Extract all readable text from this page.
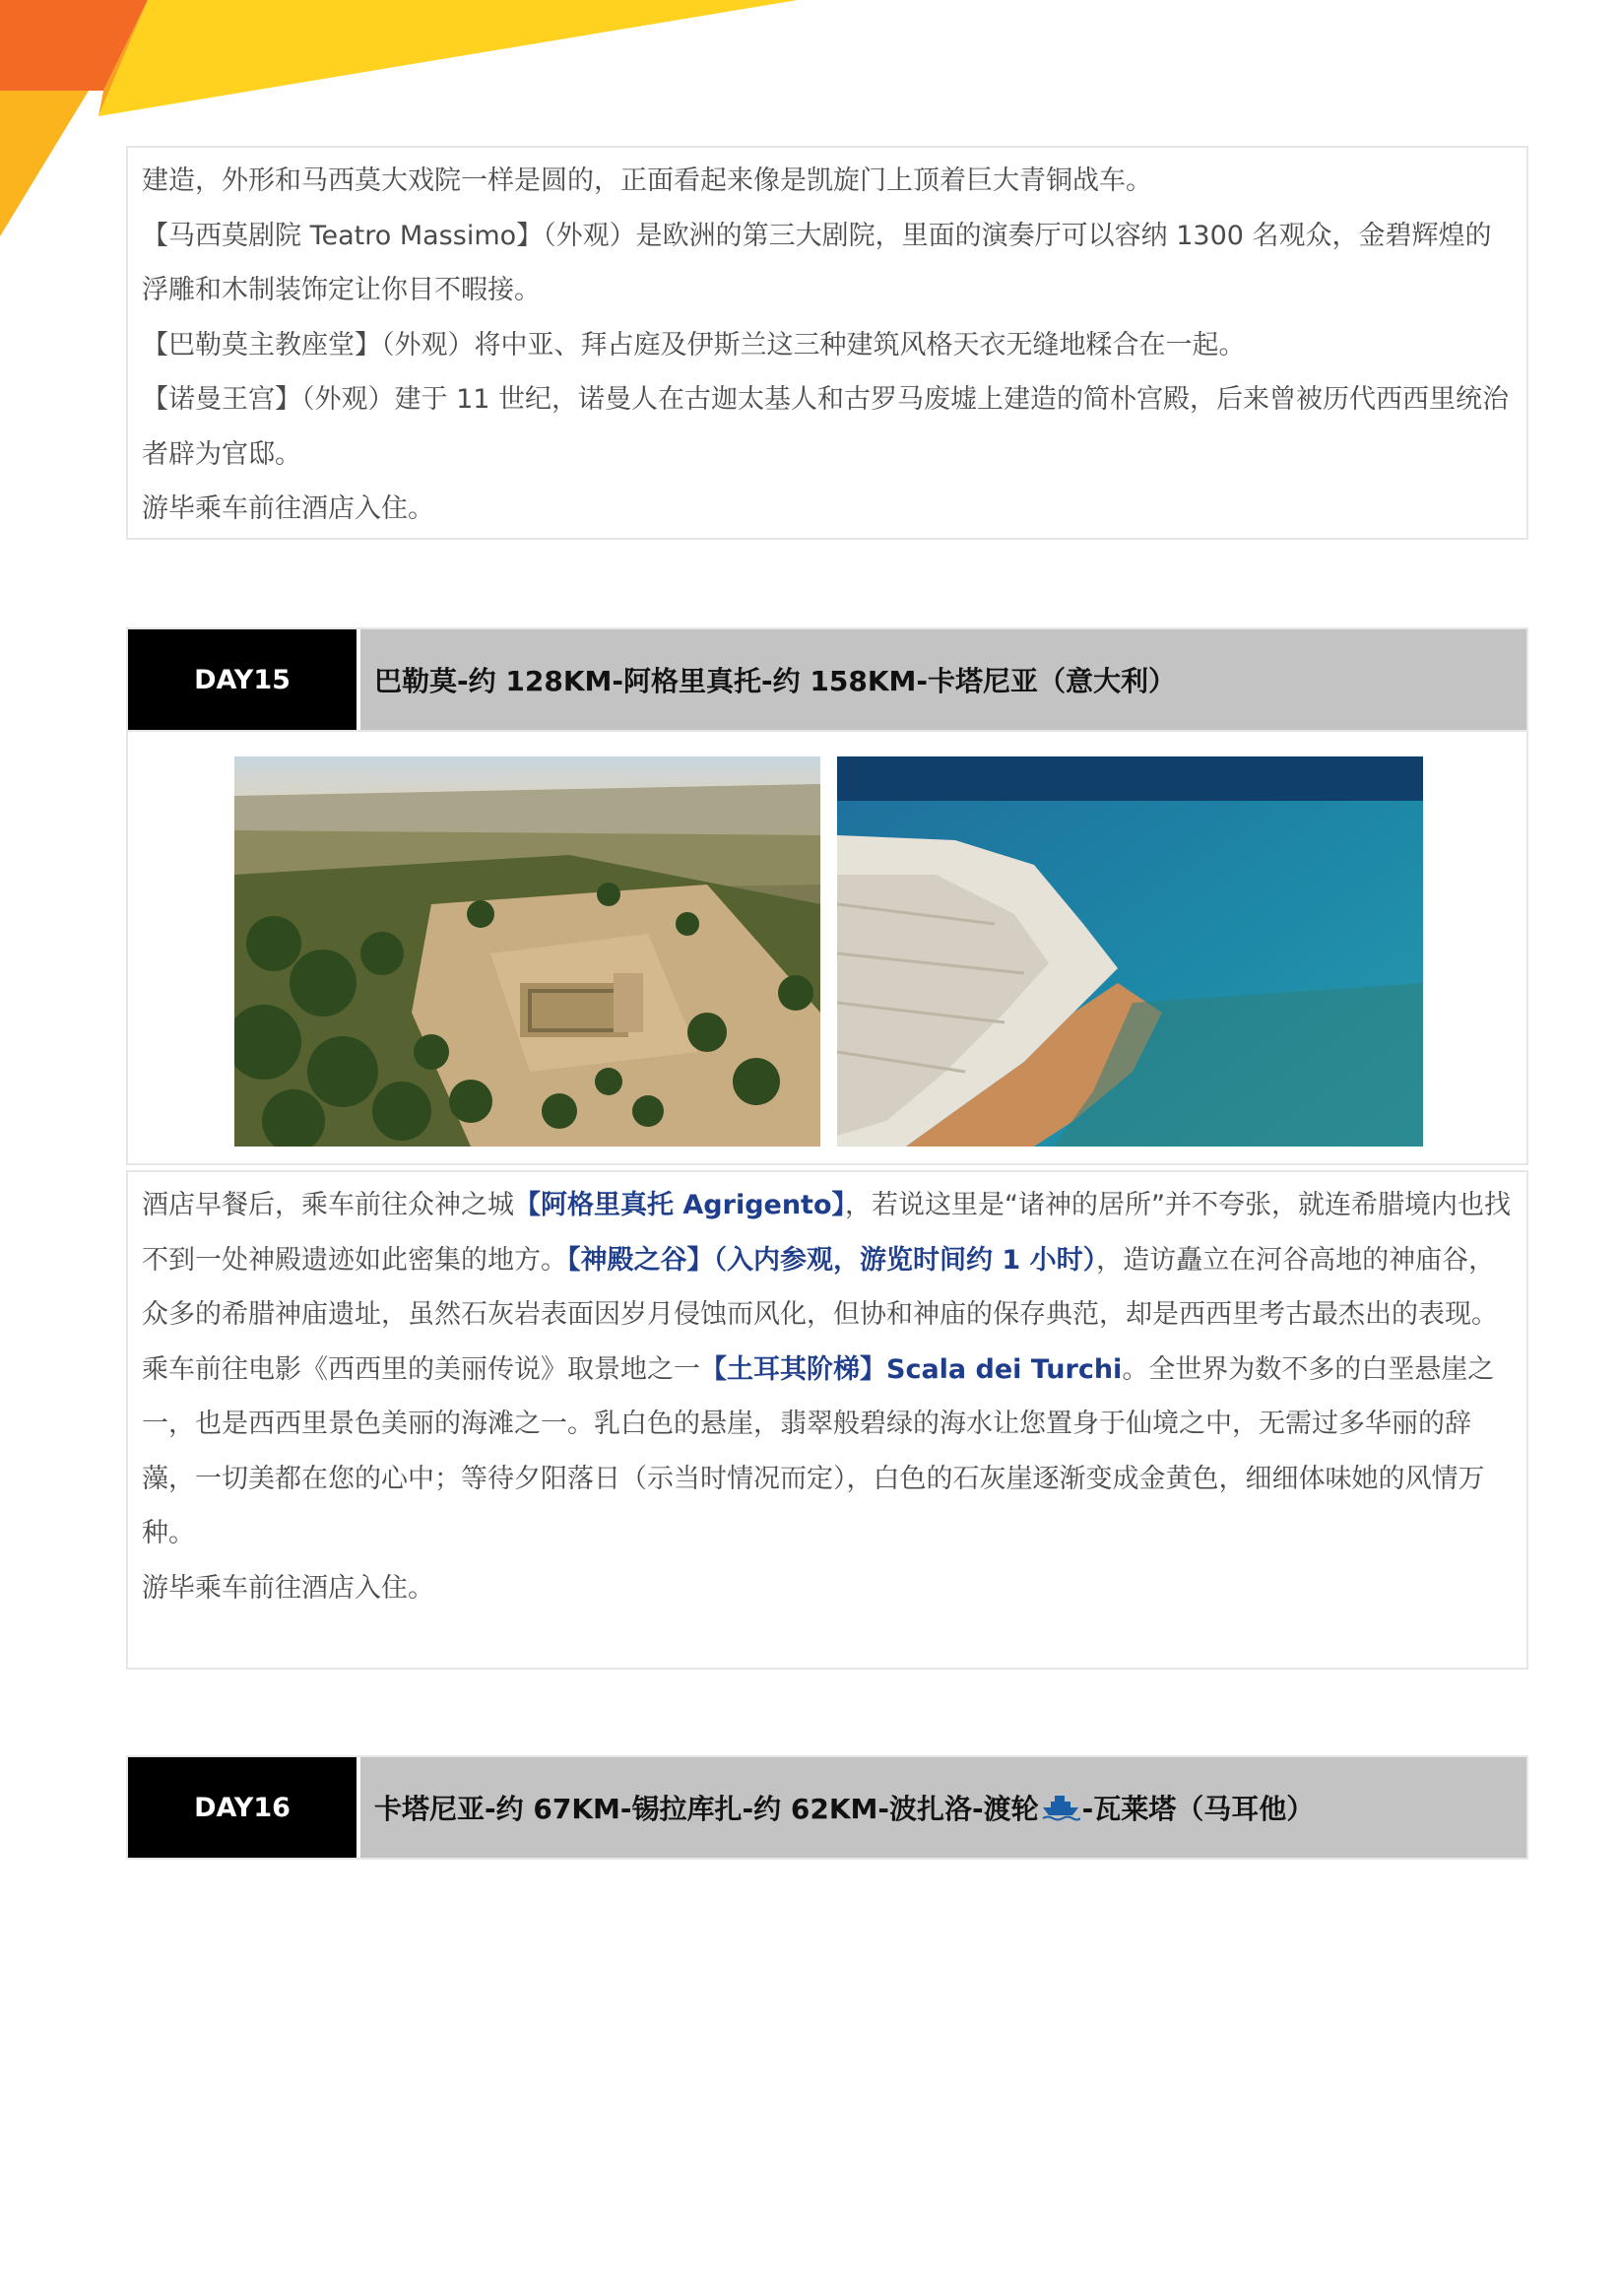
建造，外形和马西莫大戏院一样是圆的，正面看起来像是凯旋门上顶着巨大青铜战车。

【马西莫剧院 Teatro Massimo】（外观）是欧洲的第三大剧院，里面的演奏厅可以容纳 1300 名观众，金碧辉煌的浮雕和木制装饰定让你目不暇接。

【巴勒莫主教座堂】（外观）将中亚、拜占庭及伊斯兰这三种建筑风格天衣无缝地糅合在一起。

【诺曼王宫】（外观）建于 11 世纪，诺曼人在古迦太基人和古罗马废墟上建造的简朴宫殿，后来曾被历代西西里统治者辟为官邸。

游毕乘车前往酒店入住。

DAY15	巴勒莫-约 128KM-阿格里真托-约 158KM-卡塔尼亚（意大利）

酒店早餐后，乘车前往众神之城【阿格里真托 Agrigento】，若说这里是“诸神的居所”并不夸张，就连希腊境内也找不到一处神殿遗迹如此密集的地方。【神殿之谷】（入内参观，游览时间约 1 小时），造访矗立在河谷高地的神庙谷，众多的希腊神庙遗址，虽然石灰岩表面因岁月侵蚀而风化，但协和神庙的保存典范，却是西西里考古最杰出的表现。

乘车前往电影《西西里的美丽传说》取景地之一【土耳其阶梯】Scala dei Turchi。全世界为数不多的白垩悬崖之一，也是西西里景色美丽的海滩之一。乳白色的悬崖，翡翠般碧绿的海水让您置身于仙境之中，无需过多华丽的辞藻，一切美都在您的心中；等待夕阳落日（示当时情况而定），白色的石灰崖逐渐变成金黄色，细细体味她的风情万种。

游毕乘车前往酒店入住。

DAY16	卡塔尼亚-约 67KM-锡拉库扎-约 62KM-波扎洛-渡轮 -瓦莱塔（马耳他）
